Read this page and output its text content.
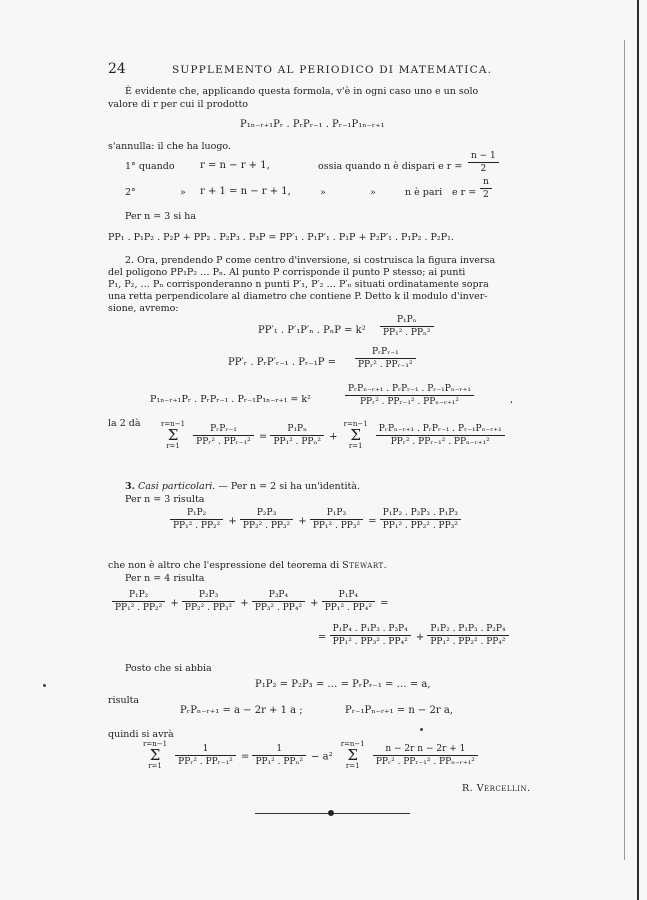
24	SUPPLEMENTO AL PERIODICO DI MATEMATICA.
È evidente che, applicando questa formola, v'è in ogni caso uno e un solo
valore di r per cui il prodotto
P₁ₙ₋ᵣ₊₁Pᵣ . PᵣPᵣ₋₁ . Pᵣ₋₁P₁ₙ₋ᵣ₊₁
s'annulla: il che ha luogo.
1° quando	r = n − r + 1,	ossia quando n è dispari e $r = \frac{n - 1}{2}$
2°	» r + 1 = n − r + 1,	»	»	n è pari e $r = \frac{n}{2}$
Per n = 3 si ha
PP₁ . P₁P₂ . P₂P + PP₂ . P₂P₃ . P₃P = PP′₁ . P₁P′₁ . P₁P + P₂P′₁ . P₁P₂ . P₂P₁.
2. Ora, prendendo P come centro d'inversione, si costruisca la figura inversa
del poligono PP₁P₂ … Pₙ. Al punto P corrisponde il punto P stesso; ai punti
P₁, P₂, … Pₙ corrisponderanno n punti P′₁, P′₂ … P′ₙ situati ordinatamente sopra
una retta perpendicolare al diametro che contiene P. Detto k il modulo d'inver-
sione, avremo:
PP′₁ . P′₁P′ₙ . $P_nP = k^2 \frac{\text{P₁Pₙ}}{\text{PP₁² . PPₙ²}}$
PP′ᵣ . PᵣP′ᵣ₋₁ . Pᵣ₋₁P = $\frac{\text{PᵣPᵣ₋₁}}{\text{PPᵣ² . PPᵣ₋₁²}}$
P₁ₙ₋ᵣ₊₁Pᵣ . PᵣPᵣ₋₁ . Pᵣ₋₁P₁ₙ₋ᵣ₊₁ = k²	$\frac{\text{PᵣPₙ₋ᵣ₊₁ . PᵣPᵣ₋₁ . Pᵣ₋₁Pₙ₋ᵣ₊₁}}{\text{PPᵣ² . PPᵣ₋₁² . PPₙ₋ᵣ₊₁²}}$	,
la 2 dà	r=n−1
Σ
$r=1 \frac{\text{PᵣPᵣ₋₁}}{\text{PPᵣ² . PPᵣ₋₁²}} = \frac{\text{P₁Pₙ}}{\text{PP₁² . PPₙ²}} + r=n-1$
Σ
$r=1 \frac{\text{PᵣPₙ₋ᵣ₊₁ . PᵣPᵣ₋₁ . Pᵣ₋₁Pₙ₋ᵣ₊₁}}{\text{PPᵣ² . PPᵣ₋₁² . PPₙ₋ᵣ₊₁²}}$
3. Casi particolari. — Per n = 2 si ha un'identità.
Per n = 3 risulta
$\frac{\text{P₁P₂}}{\text{PP₁² . PP₂²}} + \frac{\text{P₂P₃}}{\text{PP₂² . PP₃²}} + \frac{\text{P₁P₃}}{\text{PP₁² . PP₃²}} = \frac{\text{P₁P₂ . P₂P₃ . P₁P₃}}{\text{PP₁² . PP₂² . PP₃²}}$
che non è altro che l'espressione del teorema di Stewart.
Per n = 4 risulta
$\frac{\text{P₁P₂}}{\text{PP₁² . PP₂²}} + \frac{\text{P₂P₃}}{\text{PP₂² . PP₃²}} + \frac{\text{P₃P₄}}{\text{PP₃² . PP₄²}} + \frac{\text{P₁P₄}}{\text{PP₁² . PP₄²}}$ =
= $\frac{\text{P₁P₄ . P₁P₃ . P₃P₄}}{\text{PP₁² . PP₃² . PP₄²}} + \frac{\text{P₁P₂ . P₁P₃ . P₂P₄}}{\text{PP₁² . PP₂² . PP₄²}}$
Posto che si abbia
P₁P₂ = P₂P₃ = … = PᵣPᵣ₋₁ = … = a,
risulta
PᵣPₙ₋ᵣ₊₁ = a − 2r + 1 a ;	Pᵣ₋₁Pₙ₋ᵣ₊₁ = n − 2r a,
quindi si avrà
r=n−1
Σ
$r=1 \frac{1}{\text{PPᵣ² . PPᵣ₋₁²}} = \frac{1}{\text{PP₁² . PPₙ²}} - a^2$ r=n−1
Σ
$r=1 \frac{\text{n − 2r n − 2r + 1}}{\text{PPᵣ² . PPᵣ₋₁² . PPₙ₋ᵣ₊₁²}}$
R. Vercellin.
